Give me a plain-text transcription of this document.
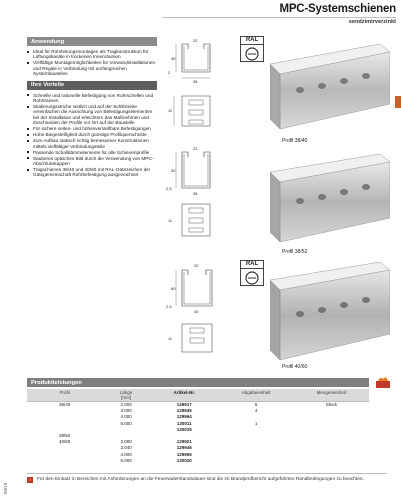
MPC-Systemschienen
sendzimirverzinkt
Anwendung
Ideal für Rohrleitungsmontagen als Tragkonstruktion für Lüftungskanäle in trockenen Innenräumen
Vielfältige Montagemöglichkeiten für Vorwandinstallationen und Regale in Verbindung mit umfangreichen Systembauteilen
Ihre Vorteile
Schnelle und rationelle Befestigung von Rohrschellen und Rohrtrassen
Skalierungsstriche seitlich und auf der Schlitzseite vereinfachen die Ausrichtung von Befestigungselementen bei der Installation und erleichtern das Maßnehmen und Zuschneiden der Profile vor Ort auf der Baustelle
Für sichere seiten- und höhenverstellbare Befestigungen
Hohe Biegesteifigkeit durch günstige Profilquerschnitte
Zum Aufbau statisch richtig bemessener Konstruktionen mittels vielfältiger Verbindungsteile
Passende Schalldämmelemente für alle Schienenprofile
Sauberes optisches Bild durch die Verwendung von MPC-Abschlusskappen
Tragschienen 38/40 und 40/60 mit RAL-Gütezeichen der Gütegemeinschaft Rohrbefestigung ausgezeichnet
40
38
22
2
11
RAL
Profil 38/40
52
38
22
2.5
11
Profil 38/52
60
40
22
2.5
11
RAL
Profil 40/60
Produktleistungen
Profil	Länge
[mm]	Artikel-Nr.	Abgabeeinheit	Mengeneinheit
38/40	2.000	129917	5	Stück
	3.000	129945	4	
	4.000	129964		
	6.000	130011	1	
		130015		
39/52				
40/60	2.000	129921		
	3.040	129946		
	4.000	129965		
	6.000	130020		
!	Für den Einsatz in Bereichen mit Anforderungen an die Feuerwiderstandsdauer sind die im Brandprüfbericht aufgeführten Randbedingungen zu beachten.
09/19
